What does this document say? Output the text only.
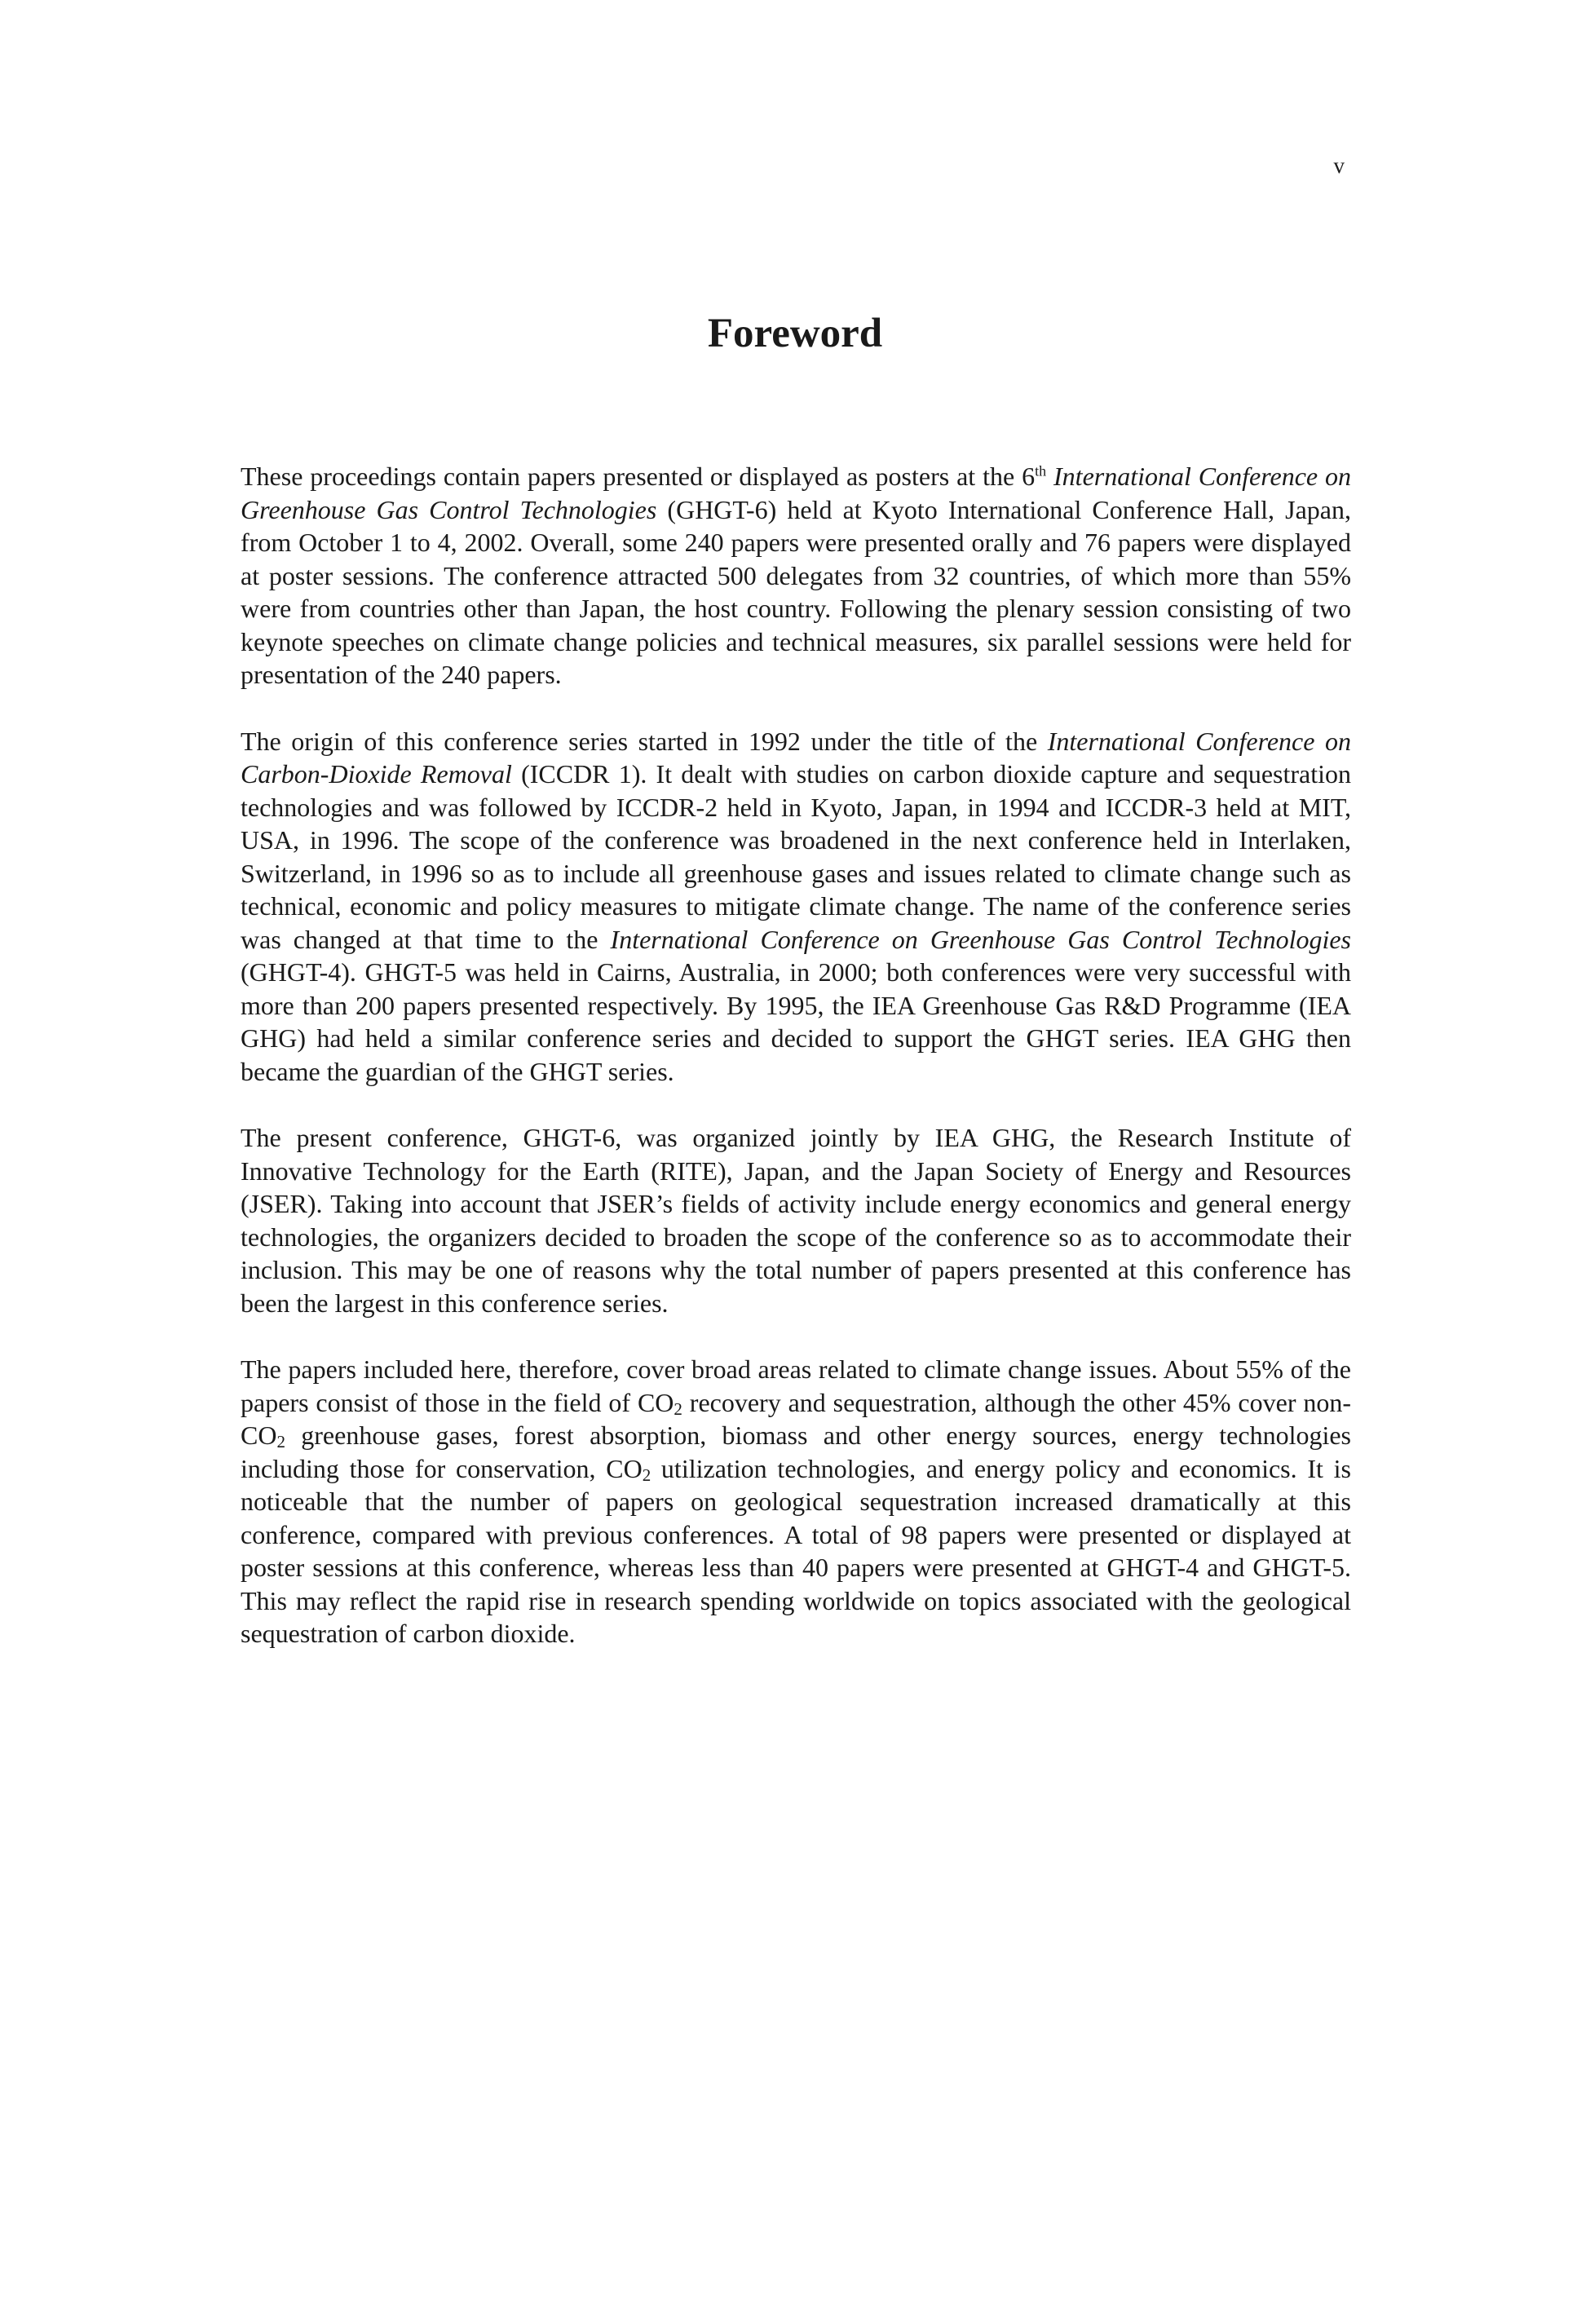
v
Foreword

These proceedings contain papers presented or displayed as posters at the 6th International Conference on Greenhouse Gas Control Technologies (GHGT-6) held at Kyoto International Conference Hall, Japan, from October 1 to 4, 2002. Overall, some 240 papers were presented orally and 76 papers were displayed at poster sessions. The conference attracted 500 delegates from 32 countries, of which more than 55% were from countries other than Japan, the host country. Following the plenary session consisting of two keynote speeches on climate change policies and technical measures, six parallel sessions were held for presentation of the 240 papers.

The origin of this conference series started in 1992 under the title of the International Conference on Carbon-Dioxide Removal (ICCDR 1). It dealt with studies on carbon dioxide capture and sequestration technologies and was followed by ICCDR-2 held in Kyoto, Japan, in 1994 and ICCDR-3 held at MIT, USA, in 1996. The scope of the conference was broadened in the next conference held in Interlaken, Switzerland, in 1996 so as to include all greenhouse gases and issues related to climate change such as technical, economic and policy measures to mitigate climate change. The name of the conference series was changed at that time to the International Conference on Greenhouse Gas Control Technologies (GHGT-4). GHGT-5 was held in Cairns, Australia, in 2000; both conferences were very successful with more than 200 papers presented respectively. By 1995, the IEA Greenhouse Gas R&D Programme (IEA GHG) had held a similar conference series and decided to support the GHGT series. IEA GHG then became the guardian of the GHGT series.

The present conference, GHGT-6, was organized jointly by IEA GHG, the Research Institute of Innovative Technology for the Earth (RITE), Japan, and the Japan Society of Energy and Resources (JSER). Taking into account that JSER’s fields of activity include energy economics and general energy technologies, the organizers decided to broaden the scope of the conference so as to accommodate their inclusion. This may be one of reasons why the total number of papers presented at this conference has been the largest in this conference series.

The papers included here, therefore, cover broad areas related to climate change issues. About 55% of the papers consist of those in the field of $CO_2$ recovery and sequestration, although the other 45% cover non-$CO_2$ greenhouse gases, forest absorption, biomass and other energy sources, energy technologies including those for conservation, $CO_2$ utilization technologies, and energy policy and economics. It is noticeable that the number of papers on geological sequestration increased dramatically at this conference, compared with previous conferences. A total of 98 papers were presented or displayed at poster sessions at this conference, whereas less than 40 papers were presented at GHGT-4 and GHGT-5. This may reflect the rapid rise in research spending worldwide on topics associated with the geological sequestration of carbon dioxide.
